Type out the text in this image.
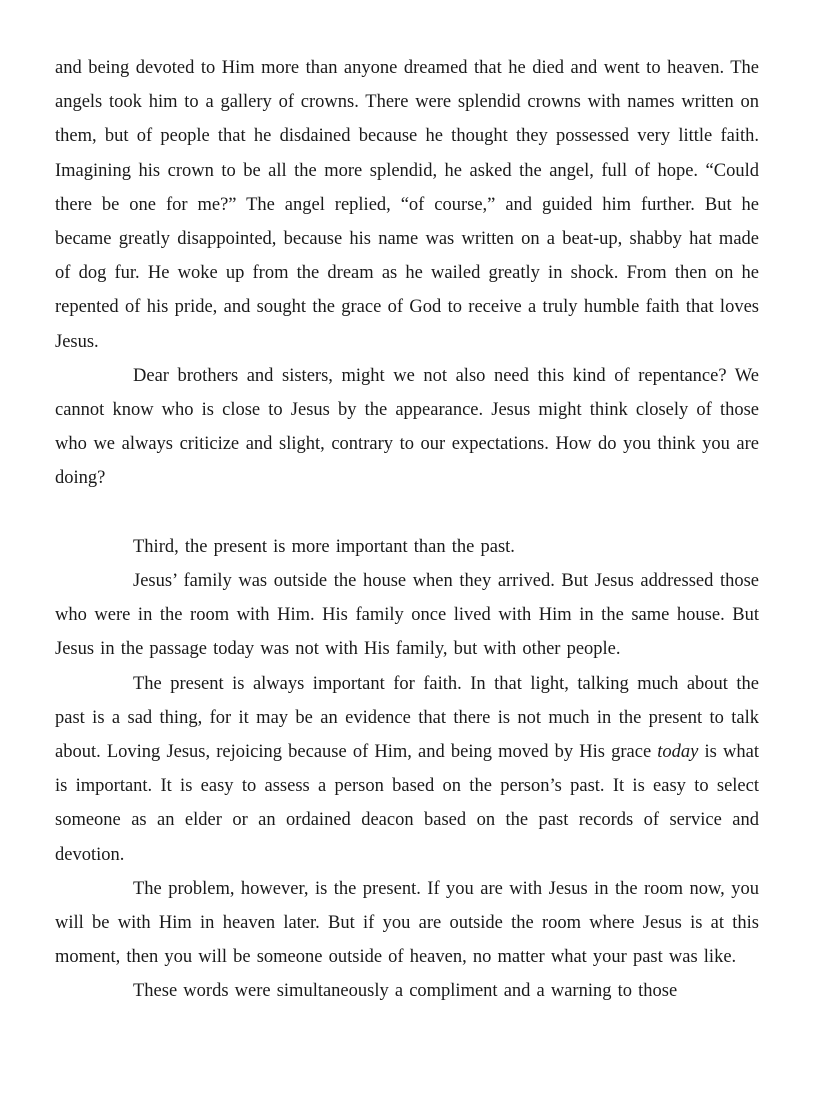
and being devoted to Him more than anyone dreamed that he died and went to heaven. The angels took him to a gallery of crowns. There were splendid crowns with names written on them, but of people that he disdained because he thought they possessed very little faith. Imagining his crown to be all the more splendid, he asked the angel, full of hope. “Could there be one for me?” The angel replied, “of course,” and guided him further. But he became greatly disappointed, because his name was written on a beat-up, shabby hat made of dog fur. He woke up from the dream as he wailed greatly in shock. From then on he repented of his pride, and sought the grace of God to receive a truly humble faith that loves Jesus.

Dear brothers and sisters, might we not also need this kind of repentance? We cannot know who is close to Jesus by the appearance. Jesus might think closely of those who we always criticize and slight, contrary to our expectations. How do you think you are doing?

Third, the present is more important than the past.

Jesus’ family was outside the house when they arrived. But Jesus addressed those who were in the room with Him. His family once lived with Him in the same house. But Jesus in the passage today was not with His family, but with other people.

The present is always important for faith. In that light, talking much about the past is a sad thing, for it may be an evidence that there is not much in the present to talk about. Loving Jesus, rejoicing because of Him, and being moved by His grace today is what is important. It is easy to assess a person based on the person’s past. It is easy to select someone as an elder or an ordained deacon based on the past records of service and devotion.

The problem, however, is the present. If you are with Jesus in the room now, you will be with Him in heaven later. But if you are outside the room where Jesus is at this moment, then you will be someone outside of heaven, no matter what your past was like.

These words were simultaneously a compliment and a warning to those
